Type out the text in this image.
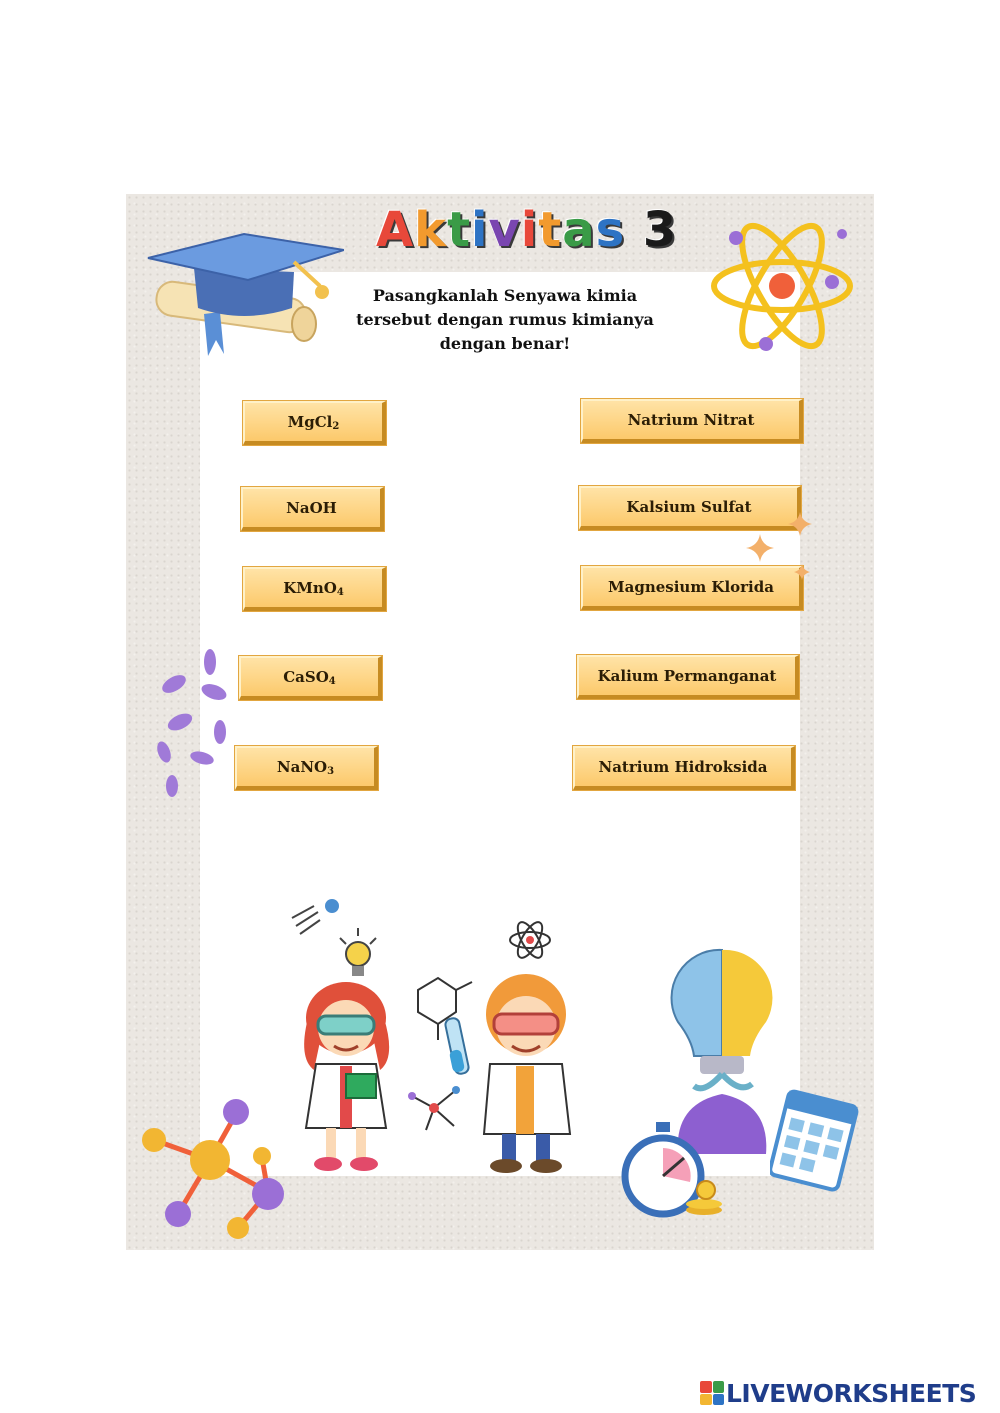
Aktivitas 3
Pasangkanlah Senyawa kimia
tersebut dengan rumus kimianya
dengan benar!
MgCl 2
NaOH
KMnO 4
CaSO 4
NaNO 3
Natrium Nitrat
Kalsium Sulfat
Magnesium Klorida
Kalium Permanganat
Natrium Hidroksida
LIVEWORKSHEETS
